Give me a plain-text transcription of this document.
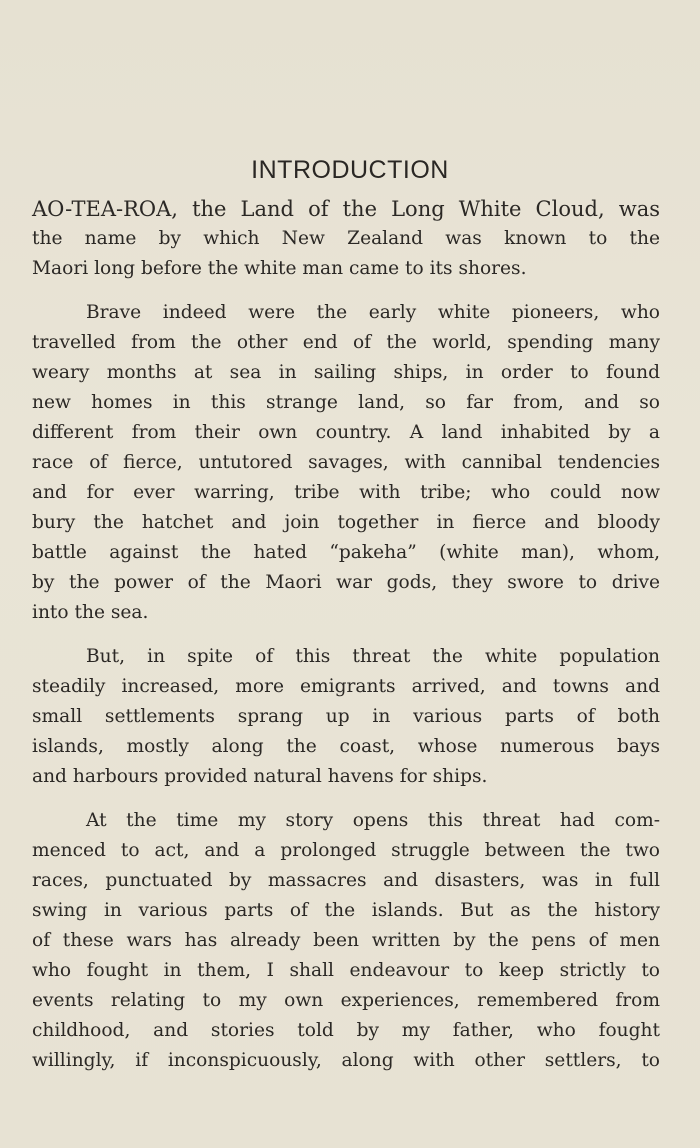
INTRODUCTION

AO-TEA-ROA, the Land of the Long White Cloud, was
the name by which New Zealand was known to the
Maori long before the white man came to its shores.

Brave indeed were the early white pioneers, who
travelled from the other end of the world, spending many
weary months at sea in sailing ships, in order to found
new homes in this strange land, so far from, and so
different from their own country. A land inhabited by a
race of fierce, untutored savages, with cannibal tendencies
and for ever warring, tribe with tribe; who could now
bury the hatchet and join together in fierce and bloody
battle against the hated “pakeha” (white man), whom,
by the power of the Maori war gods, they swore to drive
into the sea.

But, in spite of this threat the white population
steadily increased, more emigrants arrived, and towns and
small settlements sprang up in various parts of both
islands, mostly along the coast, whose numerous bays
and harbours provided natural havens for ships.

At the time my story opens this threat had com-
menced to act, and a prolonged struggle between the two
races, punctuated by massacres and disasters, was in full
swing in various parts of the islands. But as the history
of these wars has already been written by the pens of men
who fought in them, I shall endeavour to keep strictly to
events relating to my own experiences, remembered from
childhood, and stories told by my father, who fought
willingly, if inconspicuously, along with other settlers, to
